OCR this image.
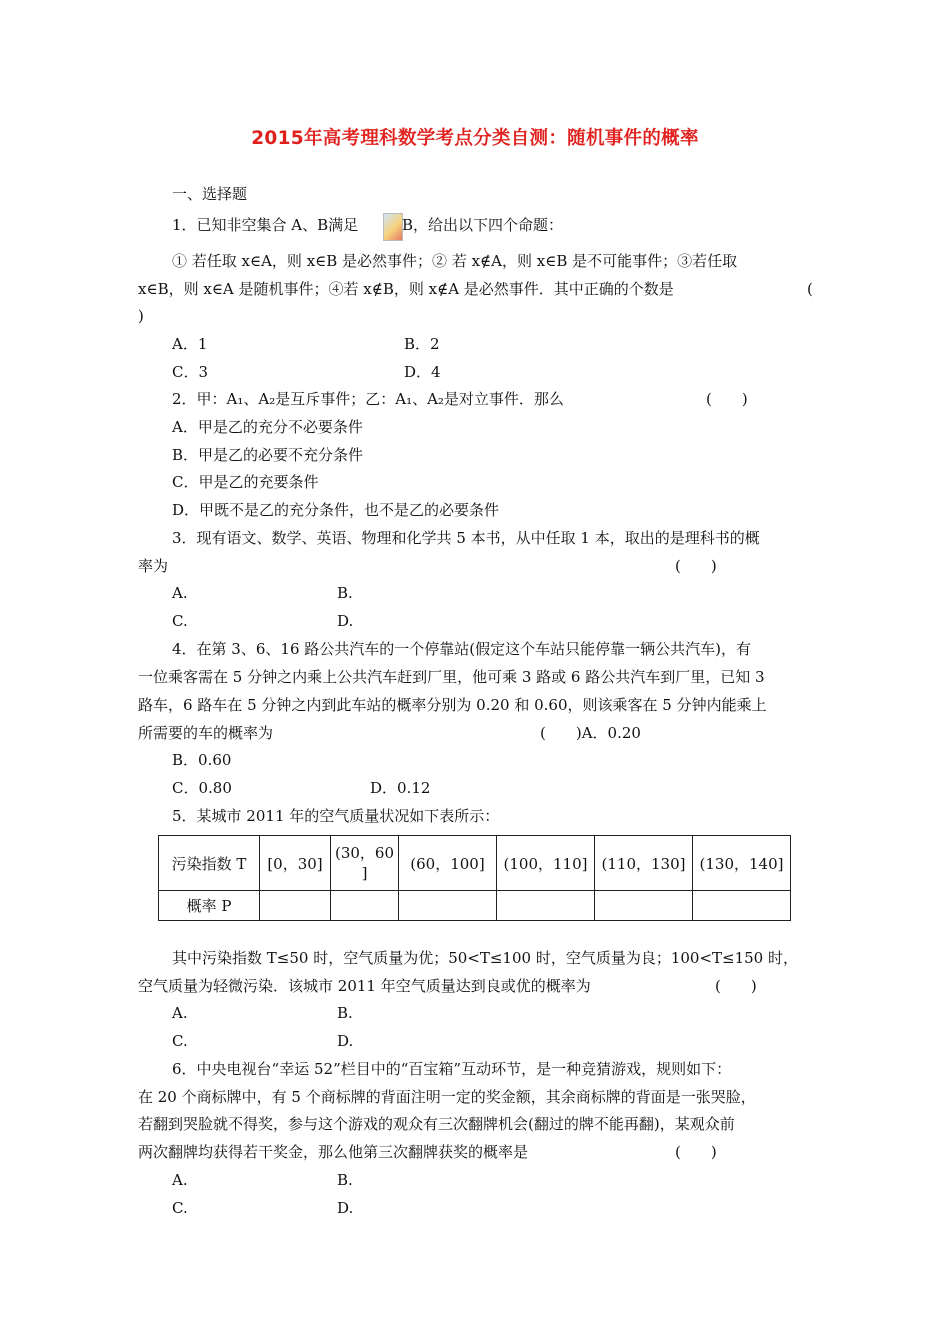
2015年高考理科数学考点分类自测：随机事件的概率
一、选择题
1．已知非空集合 A、B满足	B，给出以下四个命题：
① 若任取 x∈A，则 x∈B 是必然事件；② 若 x∉A，则 x∈B 是不可能事件；③若任取
x∈B，则 x∈A 是随机事件；④若 x∉B，则 x∉A 是必然事件．其中正确的个数是	(
)
A．1	B．2
C．3	D．4
2．甲：A₁、A₂是互斥事件；乙：A₁、A₂是对立事件．那么	(　　)
A．甲是乙的充分不必要条件
B．甲是乙的必要不充分条件
C．甲是乙的充要条件
D．甲既不是乙的充分条件，也不是乙的必要条件
3．现有语文、数学、英语、物理和化学共 5 本书，从中任取 1 本，取出的是理科书的概
率为	(　　)
A.	B.
C.	D.
4．在第 3、6、16 路公共汽车的一个停靠站(假定这个车站只能停靠一辆公共汽车)，有
一位乘客需在 5 分钟之内乘上公共汽车赶到厂里，他可乘 3 路或 6 路公共汽车到厂里，已知 3
路车，6 路车在 5 分钟之内到此车站的概率分别为 0.20 和 0.60，则该乘客在 5 分钟内能乘上
所需要的车的概率为	(　　)A．0.20
B．0.60
C．0.80	D．0.12
5．某城市 2011 年的空气质量状况如下表所示：
污染指数 T	[0，30]	(30，60
]	(60，100]	(100，110]	(110，130]	(130，140]
概率 P						
其中污染指数 T≤50 时，空气质量为优；50<T≤100 时，空气质量为良；100<T≤150 时，
空气质量为轻微污染．该城市 2011 年空气质量达到良或优的概率为	(　　)
A.	B.
C.	D.
6．中央电视台“幸运 52”栏目中的“百宝箱”互动环节，是一种竞猜游戏，规则如下：
在 20 个商标牌中，有 5 个商标牌的背面注明一定的奖金额，其余商标牌的背面是一张哭脸，
若翻到哭脸就不得奖，参与这个游戏的观众有三次翻牌机会(翻过的牌不能再翻)，某观众前
两次翻牌均获得若干奖金，那么他第三次翻牌获奖的概率是	(　　)
A.	B.
C.	D.
